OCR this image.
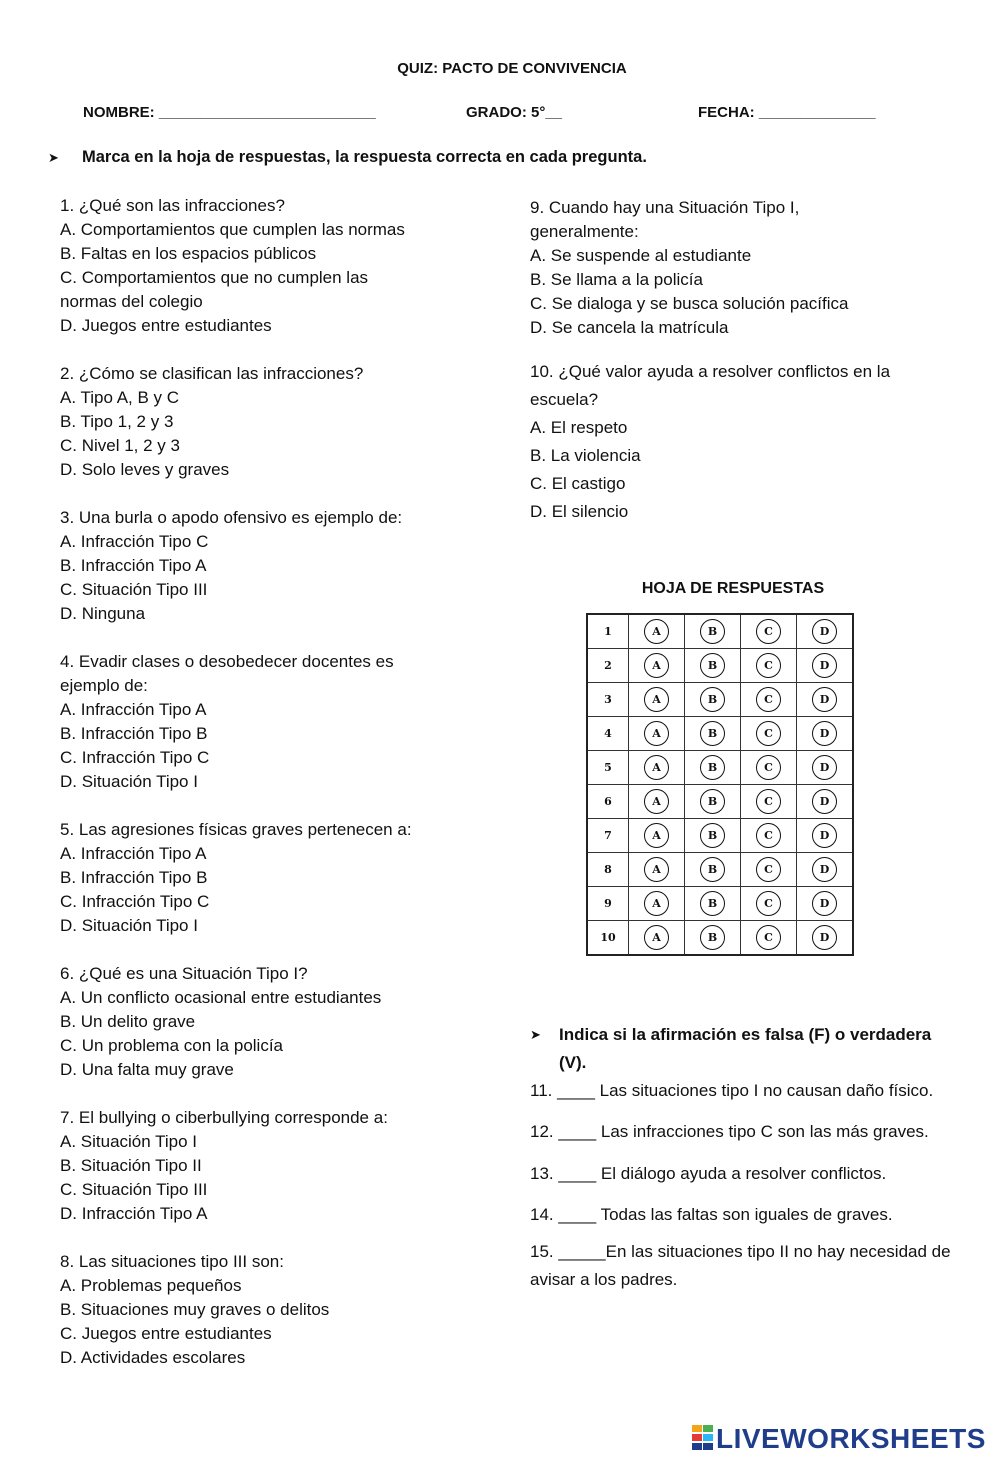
QUIZ: PACTO DE CONVIVENCIA
NOMBRE: __________________________	GRADO: 5°__	FECHA: ______________
➤ Marca en la hoja de respuestas, la respuesta correcta en cada pregunta.
1. ¿Qué son las infracciones?
A. Comportamientos que cumplen las normas
B. Faltas en los espacios públicos
C. Comportamientos que no cumplen las normas del colegio
D. Juegos entre estudiantes
2. ¿Cómo se clasifican las infracciones?
A. Tipo A, B y C
B. Tipo 1, 2 y 3
C. Nivel 1, 2 y 3
D. Solo leves y graves
3. Una burla o apodo ofensivo es ejemplo de:
A. Infracción Tipo C
B. Infracción Tipo A
C. Situación Tipo III
D. Ninguna
4. Evadir clases o desobedecer docentes es ejemplo de:
A. Infracción Tipo A
B. Infracción Tipo B
C. Infracción Tipo C
D. Situación Tipo I
5. Las agresiones físicas graves pertenecen a:
A. Infracción Tipo A
B. Infracción Tipo B
C. Infracción Tipo C
D. Situación Tipo I
6. ¿Qué es una Situación Tipo I?
A. Un conflicto ocasional entre estudiantes
B. Un delito grave
C. Un problema con la policía
D. Una falta muy grave
7. El bullying o ciberbullying corresponde a:
A. Situación Tipo I
B. Situación Tipo II
C. Situación Tipo III
D. Infracción Tipo A
8. Las situaciones tipo III son:
A. Problemas pequeños
B. Situaciones muy graves o delitos
C. Juegos entre estudiantes
D. Actividades escolares
9. Cuando hay una Situación Tipo I, generalmente:
A. Se suspende al estudiante
B. Se llama a la policía
C. Se dialoga y se busca solución pacífica
D. Se cancela la matrícula
10. ¿Qué valor ayuda a resolver conflictos en la escuela?
A. El respeto
B. La violencia
C. El castigo
D. El silencio
HOJA DE RESPUESTAS
1	A	B	C	D
2	A	B	C	D
3	A	B	C	D
4	A	B	C	D
5	A	B	C	D
6	A	B	C	D
7	A	B	C	D
8	A	B	C	D
9	A	B	C	D
10	A	B	C	D
➤ Indica si la afirmación es falsa (F) o verdadera (V).
11. ____ Las situaciones tipo I no causan daño físico.
12. ____ Las infracciones tipo C son las más graves.
13. ____ El diálogo ayuda a resolver conflictos.
14. ____ Todas las faltas son iguales de graves.
15. _____En las situaciones tipo II no hay necesidad de avisar a los padres.
LIVEWORKSHEETS
